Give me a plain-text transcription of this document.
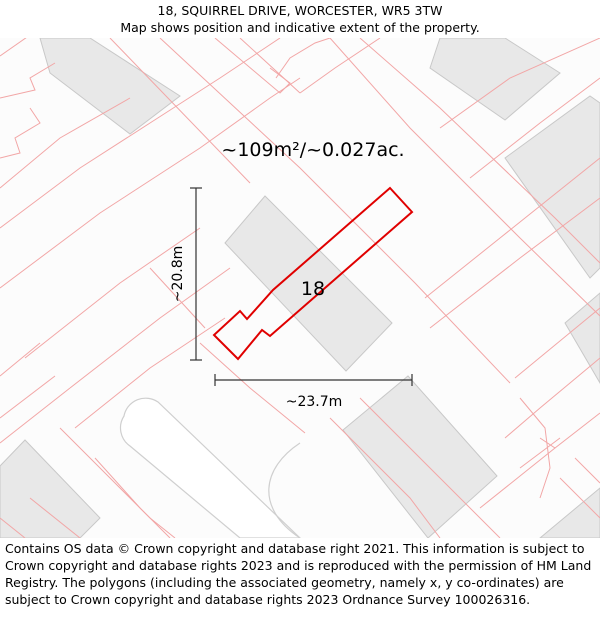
18, SQUIRREL DRIVE, WORCESTER, WR5 3TW
Map shows position and indicative extent of the property.
~109m²/~0.027ac.
18
~20.8m
~23.7m
Contains OS data © Crown copyright and database right 2021. This information is subject to Crown copyright and database rights 2023 and is reproduced with the permission of HM Land Registry. The polygons (including the associated geometry, namely x, y co-ordinates) are subject to Crown copyright and database rights 2023 Ordnance Survey 100026316.
